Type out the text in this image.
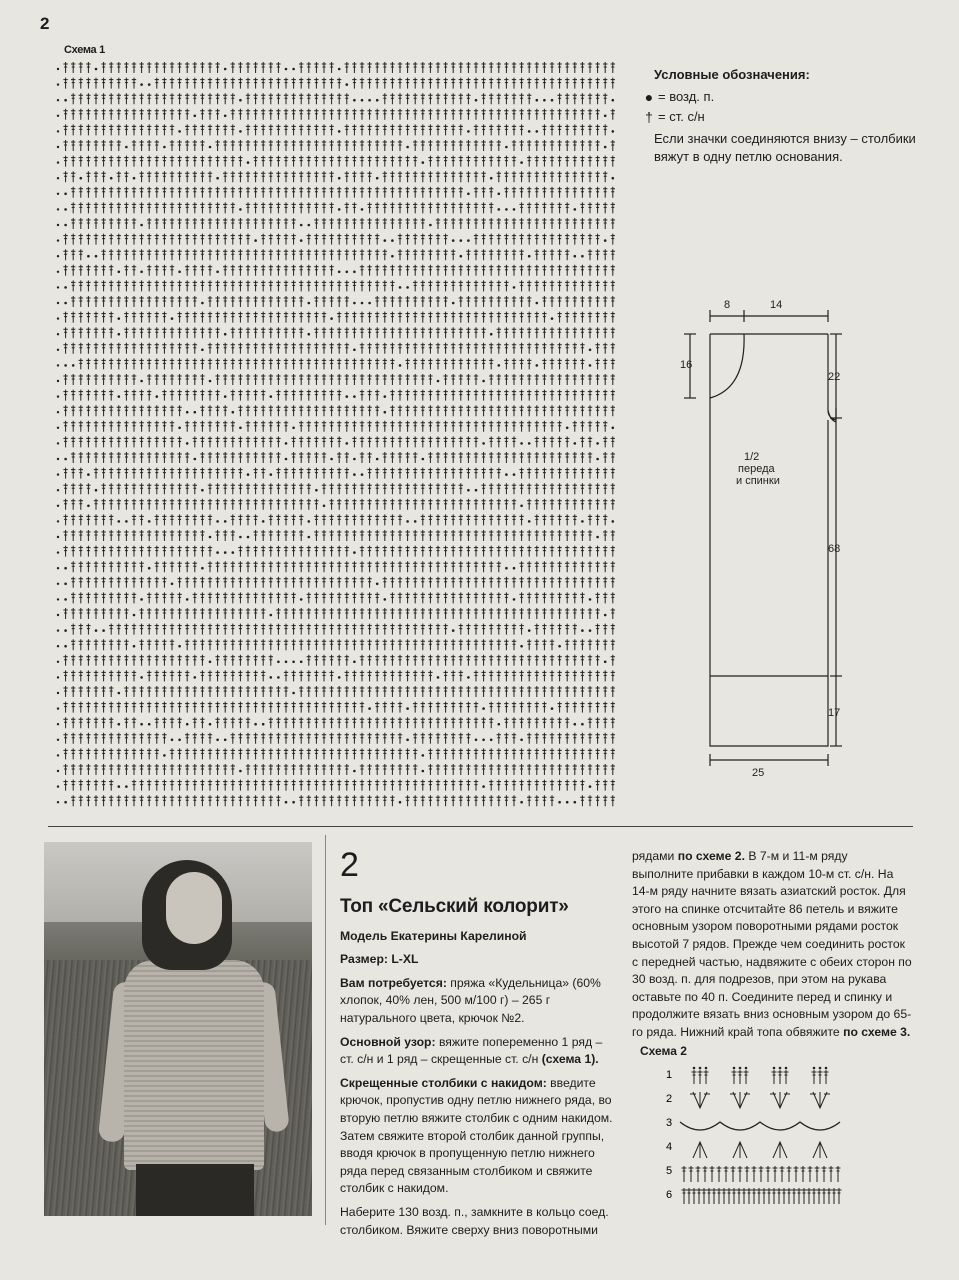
2
Схема 1
Условные обозначения:
● = возд. п.
† = ст. с/н
Если значки соединяются внизу – столбики вяжут в одну петлю основания.
8	14
16
22
68
17
25
1/2
переда
и спинки
2
Топ «Сельский колорит»

Модель Екатерины Карелиной

Размер: L-XL

Вам потребуется: пряжа «Кудельница» (60% хлопок, 40% лен, 500 м/100 г) – 265 г натурального цвета, крючок №2.

Основной узор: вяжите попеременно 1 ряд – ст. с/н и 1 ряд – скрещенные ст. с/н (схема 1).

Скрещенные столбики с накидом: введите крючок, пропустив одну петлю нижнего ряда, во вторую петлю вяжите столбик с одним накидом. Затем свяжите второй столбик данной группы, вводя крючок в пропущенную петлю нижнего ряда перед связанным столбиком и свяжите столбик с накидом.

Наберите 130 возд. п., замкните в кольцо соед. столбиком. Вяжите сверху вниз поворотными

рядами по схеме 2. В 7-м и 11-м ряду выполните прибавки в каждом 10-м ст. с/н. На 14-м ряду начните вязать азиатский росток. Для этого на спинке отсчитайте 86 петель и вяжите основным узором поворотными рядами росток высотой 7 рядов. Прежде чем соединить росток с передней частью, надвяжите с обеих сторон по 30 возд. п. для подрезов, при этом на рукава оставьте по 40 п. Соедините перед и спинку и продолжите вязать вниз основным узором до 65-го ряда. Нижний край топа обвяжите по схеме 3.

Схема 2
1
2
3
4
5
6
